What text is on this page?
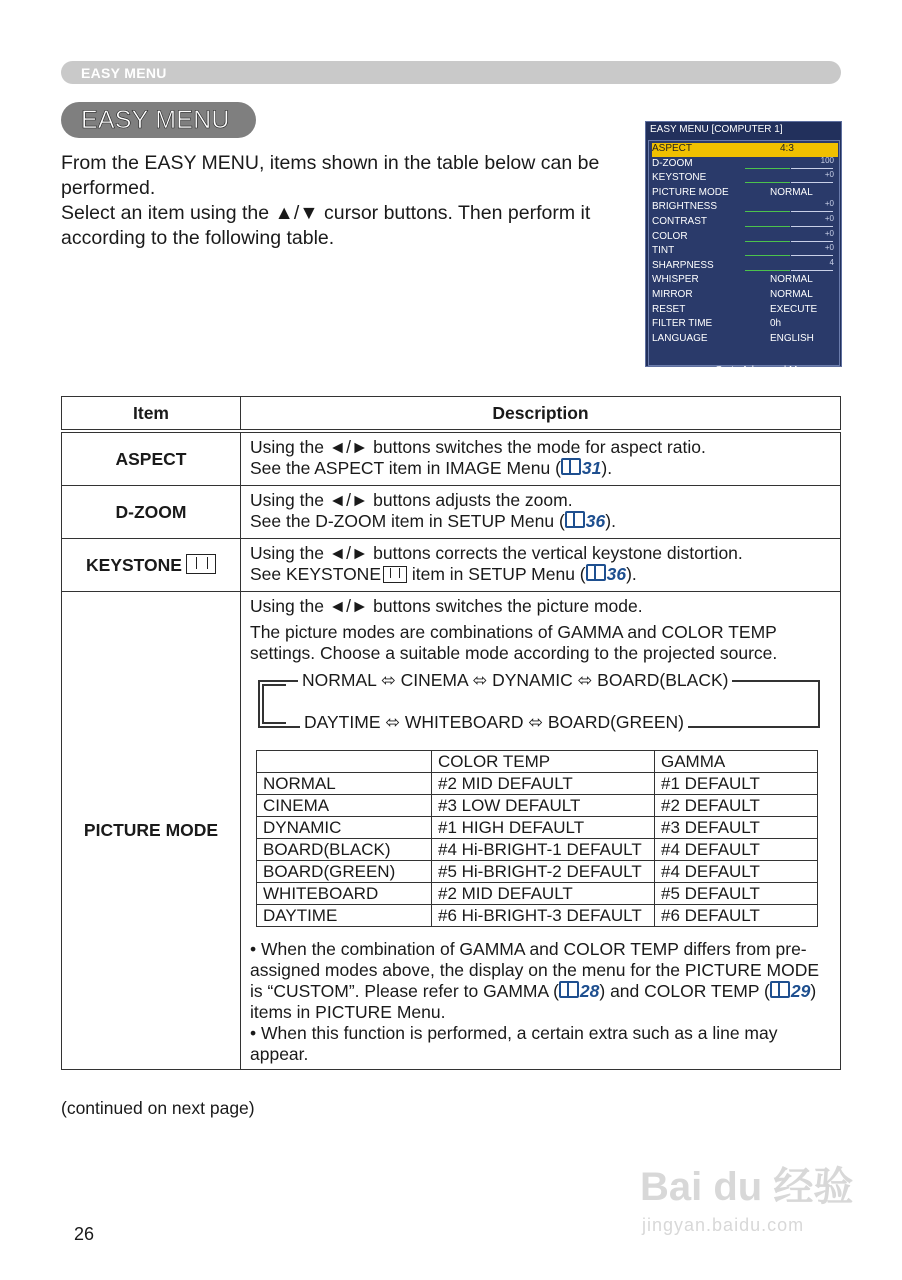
EASY MENU
EASY MENU

From the EASY MENU, items shown in the table below can be performed.

Select an item using the ▲/▼ cursor buttons. Then perform it according to the following table.

EASY MENU [COMPUTER 1]
ASPECT	4:3
D-ZOOM	100
KEYSTONE	+0
PICTURE MODE	NORMAL
BRIGHTNESS	+0
CONTRAST	+0
COLOR	+0
TINT	+0
SHARPNESS	4
WHISPER	NORMAL
MIRROR	NORMAL
RESET	EXECUTE
FILTER TIME	0h
LANGUAGE	ENGLISH
Go to Advanced Menu...
Item	Description
ASPECT	
Using the ◄/► buttons switches the mode for aspect ratio.
See the ASPECT item in IMAGE Menu ( 31).

D-ZOOM	
Using the ◄/► buttons adjusts the zoom.
See the D-ZOOM item in SETUP Menu ( 36).

KEYSTONE

Using the ◄/► buttons corrects the vertical keystone distortion.
See KEYSTONE
item in SETUP Menu ( 36).

PICTURE MODE	
Using the ◄/► buttons switches the picture mode.
The picture modes are combinations of GAMMA and COLOR TEMP settings. Choose a suitable mode according to the projected source.
NORMAL ⬄ CINEMA ⬄ DYNAMIC ⬄ BOARD(BLACK)
DAYTIME ⬄ WHITEBOARD ⬄ BOARD(GREEN)
	COLOR TEMP	GAMMA
NORMAL	#2 MID DEFAULT	#1 DEFAULT
CINEMA	#3 LOW DEFAULT	#2 DEFAULT
DYNAMIC	#1 HIGH DEFAULT	#3 DEFAULT
BOARD(BLACK)	#4 Hi-BRIGHT-1 DEFAULT	#4 DEFAULT
BOARD(GREEN)	#5 Hi-BRIGHT-2 DEFAULT	#4 DEFAULT
WHITEBOARD	#2 MID DEFAULT	#5 DEFAULT
DAYTIME	#6 Hi-BRIGHT-3 DEFAULT	#6 DEFAULT
• When the combination of GAMMA and COLOR TEMP differs from pre-assigned modes above, the display on the menu for the PICTURE MODE is “CUSTOM”. Please refer to GAMMA ( 28) and COLOR TEMP ( 29) items in PICTURE Menu.
• When this function is performed, a certain extra such as a line may appear.
(continued on next page)
26
Bai du 经验
jingyan.baidu.com
